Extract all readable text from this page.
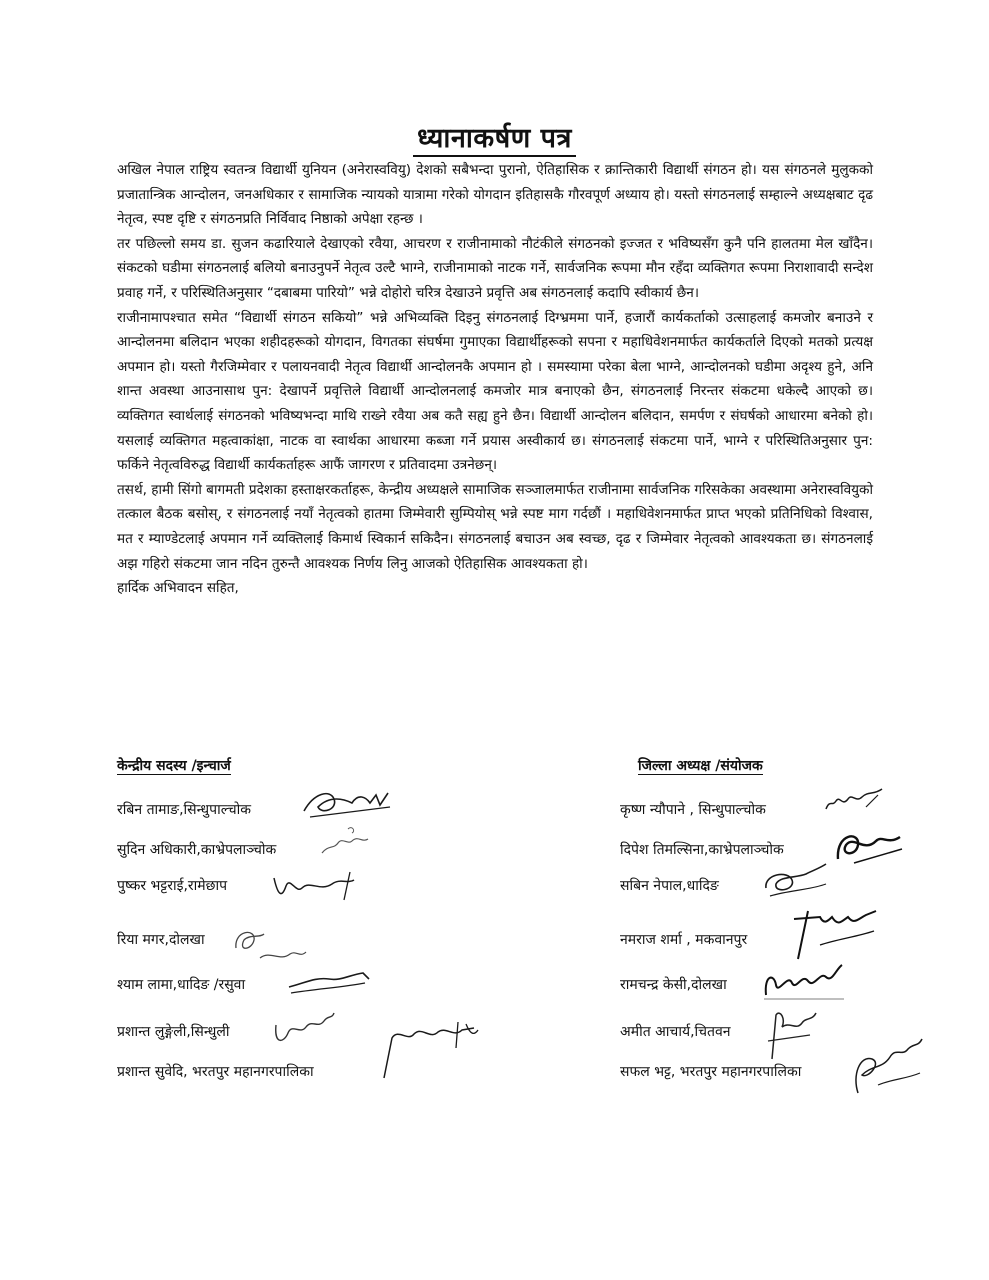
ध्यानाकर्षण पत्र

अखिल नेपाल राष्ट्रिय स्वतन्त्र विद्यार्थी युनियन (अनेरास्ववियु) देशको सबैभन्दा पुरानो, ऐतिहासिक र क्रान्तिकारी विद्यार्थी संगठन हो। यस संगठनले मुलुकको प्रजातान्त्रिक आन्दोलन, जनअधिकार र सामाजिक न्यायको यात्रामा गरेको योगदान इतिहासकै गौरवपूर्ण अध्याय हो। यस्तो संगठनलाई सम्हाल्ने अध्यक्षबाट दृढ नेतृत्व, स्पष्ट दृष्टि र संगठनप्रति निर्विवाद निष्ठाको अपेक्षा रहन्छ ।

तर पछिल्लो समय डा. सुजन कढारियाले देखाएको रवैया, आचरण र राजीनामाको नौटंकीले संगठनको इज्जत र भविष्यसँग कुनै पनि हालतमा मेल खाँदैन। संकटको घडीमा संगठनलाई बलियो बनाउनुपर्ने नेतृत्व उल्टै भाग्ने, राजीनामाको नाटक गर्ने, सार्वजनिक रूपमा मौन रहँदा व्यक्तिगत रूपमा निराशावादी सन्देश प्रवाह गर्ने, र परिस्थितिअनुसार “दबाबमा पारियो” भन्ने दोहोरो चरित्र देखाउने प्रवृत्ति अब संगठनलाई कदापि स्वीकार्य छैन।

राजीनामापश्चात समेत “विद्यार्थी संगठन सकियो” भन्ने अभिव्यक्ति दिइनु संगठनलाई दिग्भ्रममा पार्ने, हजारौं कार्यकर्ताको उत्साहलाई कमजोर बनाउने र आन्दोलनमा बलिदान भएका शहीदहरूको योगदान, विगतका संघर्षमा गुमाएका विद्यार्थीहरूको सपना र महाधिवेशनमार्फत कार्यकर्ताले दिएको मतको प्रत्यक्ष अपमान हो। यस्तो गैरजिम्मेवार र पलायनवादी नेतृत्व विद्यार्थी आन्दोलनकै अपमान हो । समस्यामा परेका बेला भाग्ने, आन्दोलनको घडीमा अदृश्य हुने, अनि शान्त अवस्था आउनासाथ पुन: देखापर्ने प्रवृत्तिले विद्यार्थी आन्दोलनलाई कमजोर मात्र बनाएको छैन, संगठनलाई निरन्तर संकटमा धकेल्दै आएको छ। व्यक्तिगत स्वार्थलाई संगठनको भविष्यभन्दा माथि राख्ने रवैया अब कतै सह्य हुने छैन। विद्यार्थी आन्दोलन बलिदान, समर्पण र संघर्षको आधारमा बनेको हो। यसलाई व्यक्तिगत महत्वाकांक्षा, नाटक वा स्वार्थका आधारमा कब्जा गर्ने प्रयास अस्वीकार्य छ। संगठनलाई संकटमा पार्ने, भाग्ने र परिस्थितिअनुसार पुन: फर्किने नेतृत्वविरुद्ध विद्यार्थी कार्यकर्ताहरू आफैं जागरण र प्रतिवादमा उत्रनेछन्।

तसर्थ, हामी सिंगो बागमती प्रदेशका हस्ताक्षरकर्ताहरू, केन्द्रीय अध्यक्षले सामाजिक सञ्जालमार्फत राजीनामा सार्वजनिक गरिसकेका अवस्थामा अनेरास्ववियुको तत्काल बैठक बसोस्, र संगठनलाई नयाँ नेतृत्वको हातमा जिम्मेवारी सुम्पियोस् भन्ने स्पष्ट माग गर्दछौं । महाधिवेशनमार्फत प्राप्त भएको प्रतिनिधिको विश्वास, मत र म्याण्डेटलाई अपमान गर्ने व्यक्तिलाई किमार्थ स्विकार्न सकिदैन। संगठनलाई बचाउन अब स्वच्छ, दृढ र जिम्मेवार नेतृत्वको आवश्यकता छ। संगठनलाई अझ गहिरो संकटमा जान नदिन तुरुन्तै आवश्यक निर्णय लिनु आजको ऐतिहासिक आवश्यकता हो।

हार्दिक अभिवादन सहित,

केन्द्रीय सदस्य /इन्चार्ज	जिल्ला अध्यक्ष /संयोजक
रबिन तामाङ,सिन्धुपाल्चोक
सुदिन अधिकारी,काभ्रेपलाञ्चोक
पुष्कर भट्टराई,रामेछाप
रिया मगर,दोलखा
श्याम लामा,धादिङ /रसुवा
प्रशान्त लुङ्गेली,सिन्धुली
प्रशान्त सुवेदि, भरतपुर महानगरपालिका
कृष्ण न्यौपाने , सिन्धुपाल्चोक
दिपेश तिमल्सिना,काभ्रेपलाञ्चोक
सबिन नेपाल,धादिङ
नमराज शर्मा , मकवानपुर
रामचन्द्र केसी,दोलखा
अमीत आचार्य,चितवन
सफल भट्ट, भरतपुर महानगरपालिका
